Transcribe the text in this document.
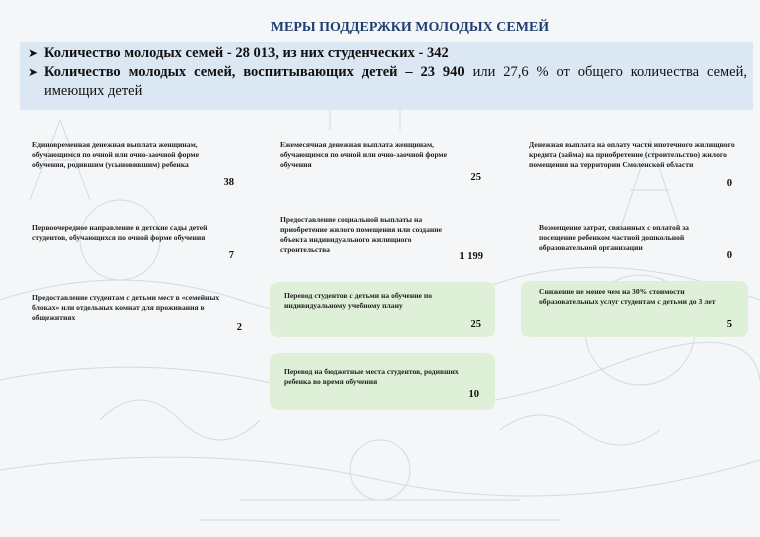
МЕРЫ ПОДДЕРЖКИ МОЛОДЫХ СЕМЕЙ
➤ Количество молодых семей - 28 013, из них студенческих - 342
➤ Количество молодых семей, воспитывающих детей – 23 940 или 27,6 % от общего количества семей, имеющих детей
Единовременная денежная выплата женщинам, обучающимся по очной или очно-заочной форме обучения, родившим (усыновившим) ребенка
38
Ежемесячная денежная выплата женщинам, обучающимся по очной или очно-заочной форме обучения
25
Денежная выплата на оплату части ипотечного жилищного кредита (займа) на приобретение (строительство) жилого помещения на территории Смоленской области
0
Первоочередное направление в детские сады детей студентов, обучающихся по очной форме обучения
7
Предоставление социальной выплаты на приобретение жилого помещения или создание объекта индивидуального жилищного строительства
1 199
Возмещение затрат, связанных с оплатой за посещение ребенком частной дошкольной образовательной организации
0
Предоставление студентам с детьми мест в «семейных блоках» или отдельных комнат для проживания в общежитиях
2
Перевод студентов с детьми на обучение по индивидуальному учебному плану
25
Снижение не менее чем на 30% стоимости образовательных услуг студентам с детьми до 3 лет
5
Перевод на бюджетные места студентов, родивших ребенка во время обучения
10
